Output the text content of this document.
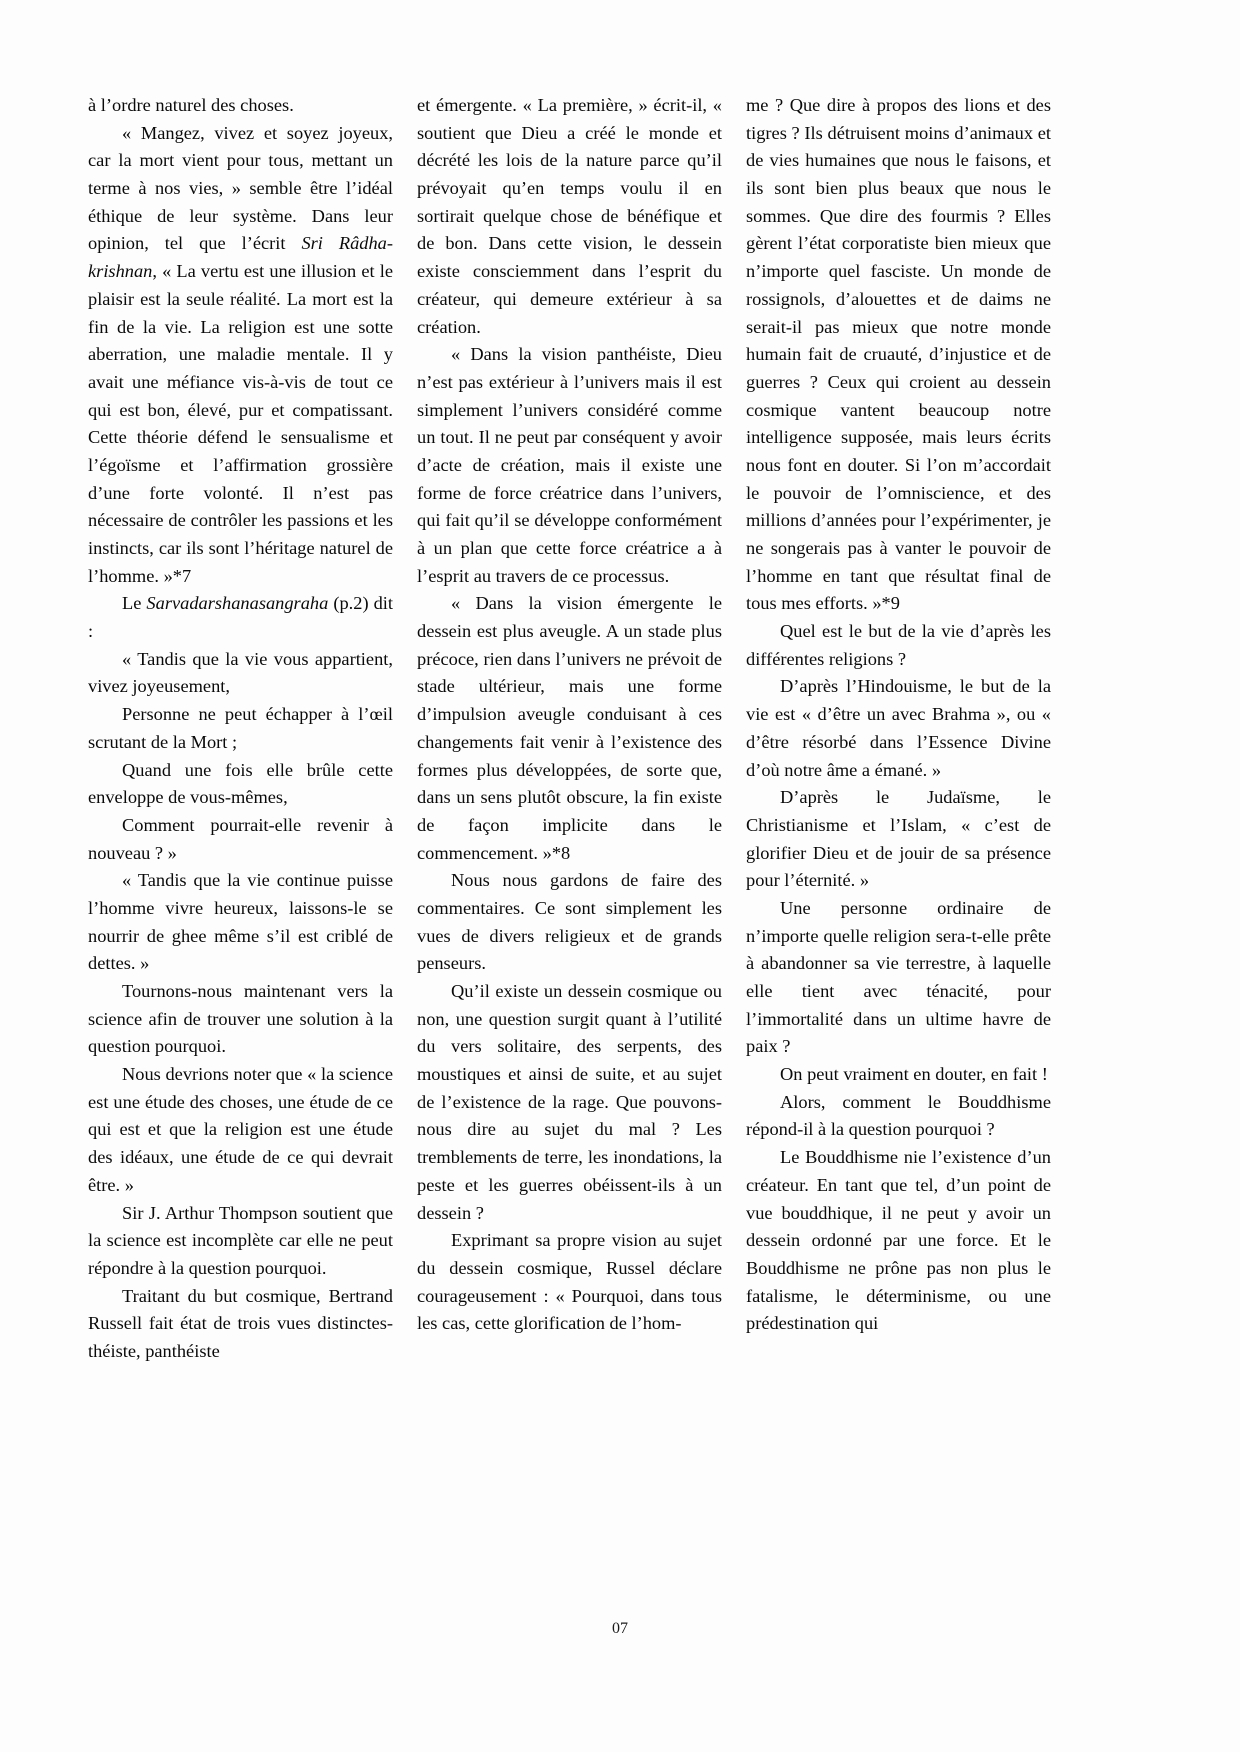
à l’ordre naturel des choses.

« Mangez, vivez et soyez joyeux, car la mort vient pour tous, mettant un terme à nos vies, » semble être l’idéal éthique de leur système. Dans leur opinion, tel que l’écrit Sri Râdha-krishnan, « La vertu est une illusion et le plaisir est la seule réalité. La mort est la fin de la vie. La religion est une sotte aberration, une maladie mentale. Il y avait une méfiance vis-à-vis de tout ce qui est bon, élevé, pur et compatissant. Cette théorie défend le sensualisme et l’égoïsme et l’affirmation grossière d’une forte volonté. Il n’est pas nécessaire de contrôler les passions et les instincts, car ils sont l’héritage naturel de l’homme. »*7

Le Sarvadarshanasangraha (p.2) dit :

« Tandis que la vie vous appartient, vivez joyeusement,

Personne ne peut échapper à l’œil scrutant de la Mort ;

Quand une fois elle brûle cette enveloppe de vous-mêmes,

Comment pourrait-elle revenir à nouveau ? »

« Tandis que la vie continue puisse l’homme vivre heureux, laissons-le se nourrir de ghee même s’il est criblé de dettes. »

Tournons-nous maintenant vers la science afin de trouver une solution à la question pourquoi.

Nous devrions noter que « la science est une étude des choses, une étude de ce qui est et que la religion est une étude des idéaux, une étude de ce qui devrait être. »

Sir J. Arthur Thompson soutient que la science est incomplète car elle ne peut répondre à la question pourquoi.

Traitant du but cosmique, Bertrand Russell fait état de trois vues distinctes-théiste, panthéiste

et émergente. « La première, » écrit-il, « soutient que Dieu a créé le monde et décrété les lois de la nature parce qu’il prévoyait qu’en temps voulu il en sortirait quelque chose de bénéfique et de bon. Dans cette vision, le dessein existe consciemment dans l’esprit du créateur, qui demeure extérieur à sa création.

« Dans la vision panthéiste, Dieu n’est pas extérieur à l’univers mais il est simplement l’univers considéré comme un tout. Il ne peut par conséquent y avoir d’acte de création, mais il existe une forme de force créatrice dans l’univers, qui fait qu’il se développe conformément à un plan que cette force créatrice a à l’esprit au travers de ce processus.

« Dans la vision émergente le dessein est plus aveugle. A un stade plus précoce, rien dans l’univers ne prévoit de stade ultérieur, mais une forme d’impulsion aveugle conduisant à ces changements fait venir à l’existence des formes plus développées, de sorte que, dans un sens plutôt obscure, la fin existe de façon implicite dans le commencement. »*8

Nous nous gardons de faire des commentaires. Ce sont simplement les vues de divers religieux et de grands penseurs.

Qu’il existe un dessein cosmique ou non, une question surgit quant à l’utilité du vers solitaire, des serpents, des moustiques et ainsi de suite, et au sujet de l’existence de la rage. Que pouvons-nous dire au sujet du mal ? Les tremblements de terre, les inondations, la peste et les guerres obéissent-ils à un dessein ?

Exprimant sa propre vision au sujet du dessein cosmique, Russel déclare courageusement : « Pourquoi, dans tous les cas, cette glorification de l’hom-

me ? Que dire à propos des lions et des tigres ? Ils détruisent moins d’animaux et de vies humaines que nous le faisons, et ils sont bien plus beaux que nous le sommes. Que dire des fourmis ? Elles gèrent l’état corporatiste bien mieux que n’importe quel fasciste. Un monde de rossignols, d’alouettes et de daims ne serait-il pas mieux que notre monde humain fait de cruauté, d’injustice et de guerres ? Ceux qui croient au dessein cosmique vantent beaucoup notre intelligence supposée, mais leurs écrits nous font en douter. Si l’on m’accordait le pouvoir de l’omniscience, et des millions d’années pour l’expérimenter, je ne songerais pas à vanter le pouvoir de l’homme en tant que résultat final de tous mes efforts. »*9

Quel est le but de la vie d’après les différentes religions ?

D’après l’Hindouisme, le but de la vie est « d’être un avec Brahma », ou « d’être résorbé dans l’Essence Divine d’où notre âme a émané. »

D’après le Judaïsme, le Christianisme et l’Islam, « c’est de glorifier Dieu et de jouir de sa présence pour l’éternité. »

Une personne ordinaire de n’importe quelle religion sera-t-elle prête à abandonner sa vie terrestre, à laquelle elle tient avec ténacité, pour l’immortalité dans un ultime havre de paix ?

On peut vraiment en douter, en fait !

Alors, comment le Bouddhisme répond-il à la question pourquoi ?

Le Bouddhisme nie l’existence d’un créateur. En tant que tel, d’un point de vue bouddhique, il ne peut y avoir un dessein ordonné par une force. Et le Bouddhisme ne prône pas non plus le fatalisme, le déterminisme, ou une prédestination qui

07
